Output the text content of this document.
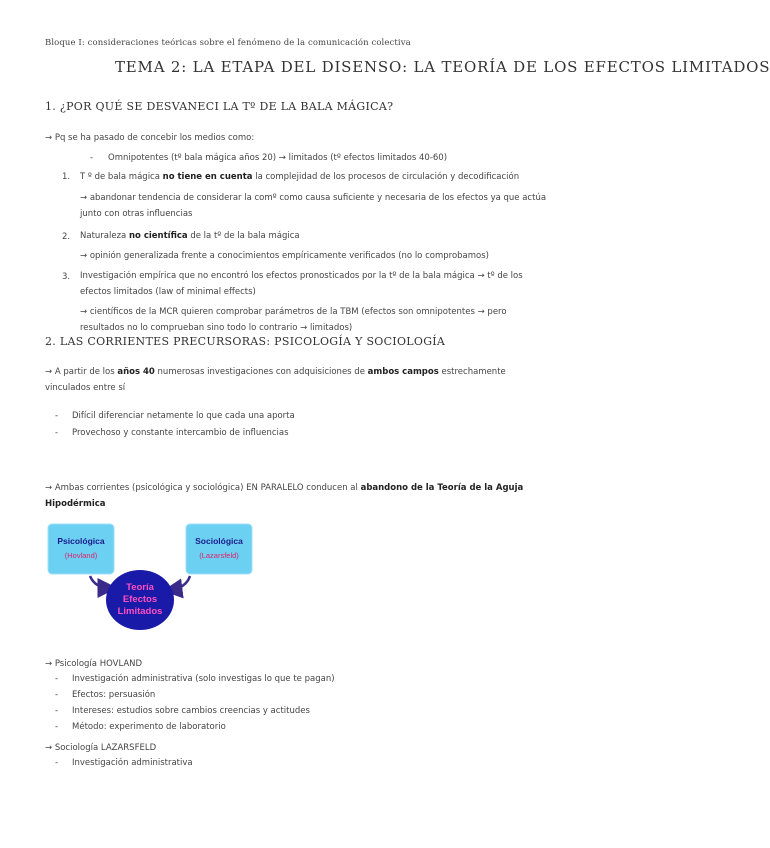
Bloque I: consideraciones teóricas sobre el fenómeno de la comunicación colectiva
TEMA 2: LA ETAPA DEL DISENSO: LA TEORÍA DE LOS EFECTOS LIMITADOS
1. ¿POR QUÉ SE DESVANECI LA Tº DE LA BALA MÁGICA?
→ Pq se ha pasado de concebir los medios como:
- Omnipotentes (tº bala mágica años 20) → limitados (tº efectos limitados 40-60)
1. T º de bala mágica no tiene en cuenta la complejidad de los procesos de circulación y decodificación
→ abandonar tendencia de considerar la comº como causa suficiente y necesaria de los efectos ya que actúa junto con otras influencias
2. Naturaleza no científica de la tº de la bala mágica
→ opinión generalizada frente a conocimientos empíricamente verificados (no lo comprobamos)
3. Investigación empírica que no encontró los efectos pronosticados por la tº de la bala mágica → tº de los efectos limitados (law of minimal effects)
→ científicos de la MCR quieren comprobar parámetros de la TBM (efectos son omnipotentes → pero resultados no lo comprueban sino todo lo contrario → limitados)
2. LAS CORRIENTES PRECURSORAS: PSICOLOGÍA Y SOCIOLOGÍA
→ A partir de los años 40 numerosas investigaciones con adquisiciones de ambos campos estrechamente vinculados entre sí
- Difícil diferenciar netamente lo que cada una aporta
- Provechoso y constante intercambio de influencias
→ Ambas corrientes (psicológica y sociológica) EN PARALELO conducen al abandono de la Teoría de la Aguja Hipodérmica
Psicológica
(Hovland)
Sociológica
(Lazarsfeld)
Teoría
Efectos
Limitados
→ Psicología HOVLAND
- Investigación administrativa (solo investigas lo que te pagan)
- Efectos: persuasión
- Intereses: estudios sobre cambios creencias y actitudes
- Método: experimento de laboratorio
→ Sociología LAZARSFELD
- Investigación administrativa
